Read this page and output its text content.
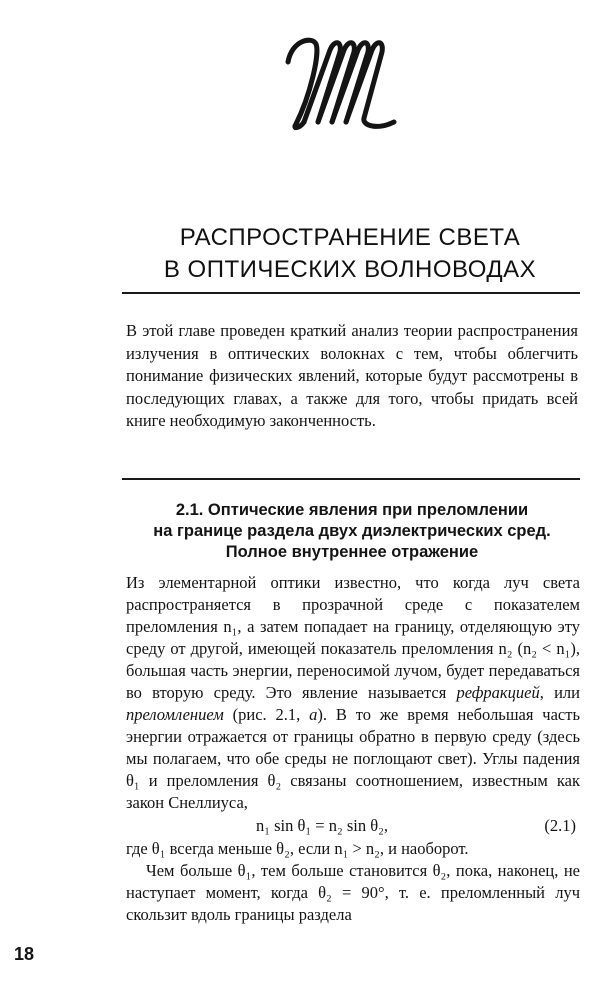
РАСПРОСТРАНЕНИЕ СВЕТА
В ОПТИЧЕСКИХ ВОЛНОВОДАХ
В этой главе проведен краткий анализ теории распространения излучения в оптических волокнах с тем, чтобы облегчить понимание физических явлений, которые будут рассмотрены в последующих главах, а также для того, чтобы придать всей книге необходимую законченность.
2.1. Оптические явления при преломлении
на границе раздела двух диэлектрических сред.
Полное внутреннее отражение

Из элементарной оптики известно, что когда луч света распространяется в прозрачной среде с показателем преломления n₁, а затем попадает на границу, отделяющую эту среду от другой, имеющей показатель преломления n₂ (n₂ < n₁), большая часть энергии, переносимой лучом, будет передаваться во вторую среду. Это явление называется рефракцией, или преломлением (рис. 2.1, а). В то же время небольшая часть энергии отражается от границы обратно в первую среду (здесь мы полагаем, что обе среды не поглощают свет). Углы падения θ₁ и преломления θ₂ связаны соотношением, известным как закон Снеллиуса,

n₁ sin θ₁ = n₂ sin θ₂,	(2.1)

где θ₁ всегда меньше θ₂, если n₁ > n₂, и наоборот.

Чем больше θ₁, тем больше становится θ₂, пока, наконец, не наступает момент, когда θ₂ = 90°, т. е. преломленный луч скользит вдоль границы раздела

18
